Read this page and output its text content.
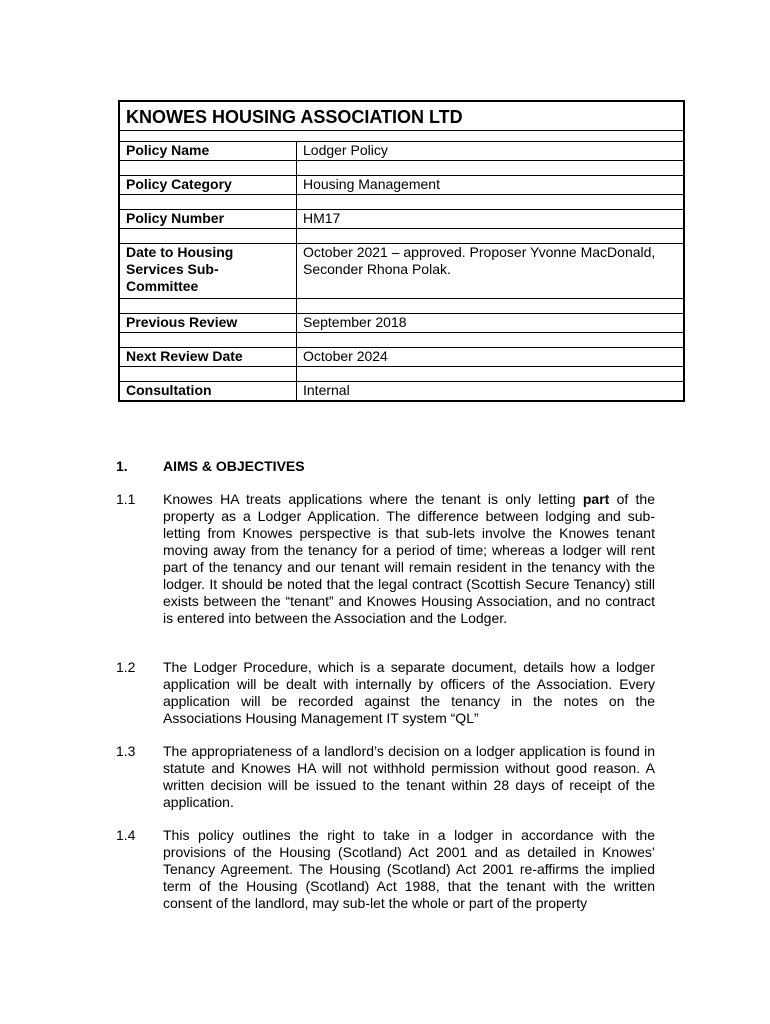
KNOWES HOUSING ASSOCIATION LTD	

Policy Name	Lodger Policy

Policy Category	Housing Management

Policy Number	HM17

Date to Housing Services Sub-Committee	October 2021 – approved. Proposer Yvonne MacDonald, Seconder Rhona Polak.

Previous Review	September 2018

Next Review Date	October 2024

Consultation	Internal
1.	AIMS & OBJECTIVES
1.1 Knowes HA treats applications where the tenant is only letting part of the property as a Lodger Application. The difference between lodging and sub-letting from Knowes perspective is that sub-lets involve the Knowes tenant moving away from the tenancy for a period of time; whereas a lodger will rent part of the tenancy and our tenant will remain resident in the tenancy with the lodger. It should be noted that the legal contract (Scottish Secure Tenancy) still exists between the “tenant” and Knowes Housing Association, and no contract is entered into between the Association and the Lodger.
1.2 The Lodger Procedure, which is a separate document, details how a lodger application will be dealt with internally by officers of the Association. Every application will be recorded against the tenancy in the notes on the Associations Housing Management IT system “QL”
1.3 The appropriateness of a landlord’s decision on a lodger application is found in statute and Knowes HA will not withhold permission without good reason. A written decision will be issued to the tenant within 28 days of receipt of the application.
1.4 This policy outlines the right to take in a lodger in accordance with the provisions of the Housing (Scotland) Act 2001 and as detailed in Knowes’ Tenancy Agreement. The Housing (Scotland) Act 2001 re-affirms the implied term of the Housing (Scotland) Act 1988, that the tenant with the written consent of the landlord, may sub-let the whole or part of the property
